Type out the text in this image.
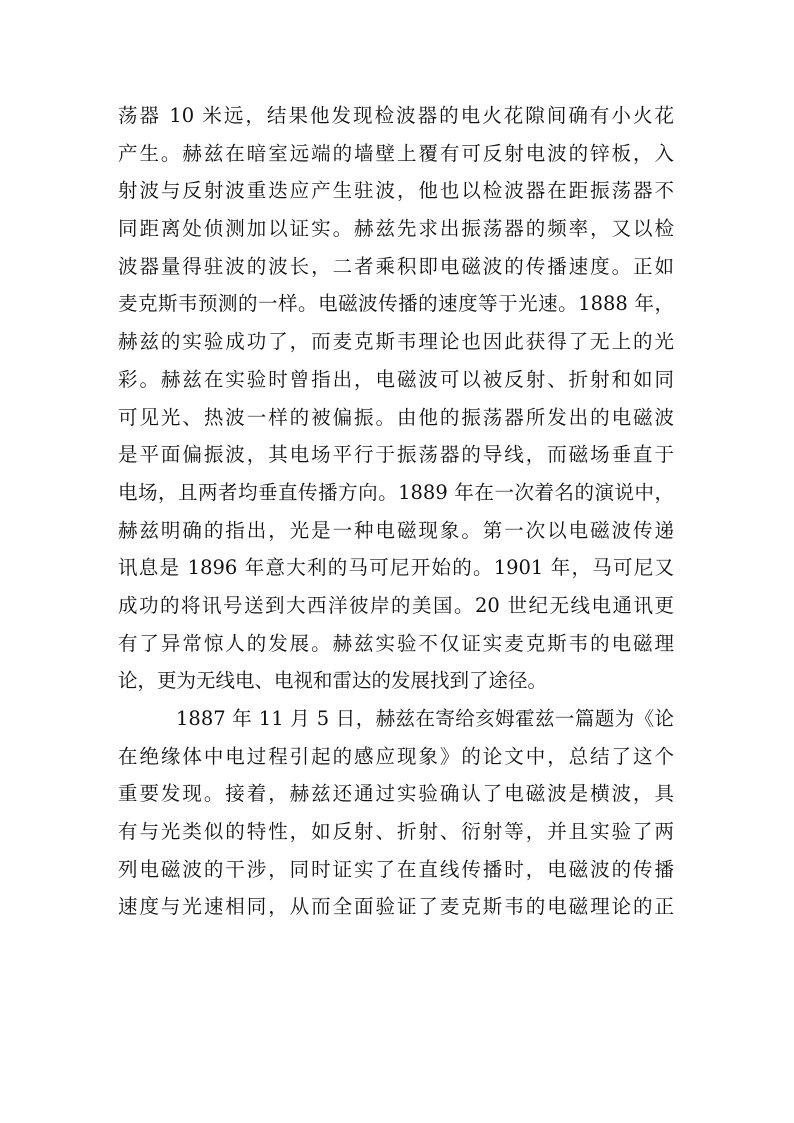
荡器 10 米远，结果他发现检波器的电火花隙间确有小火花
产生。赫兹在暗室远端的墙壁上覆有可反射电波的锌板，入
射波与反射波重迭应产生驻波，他也以检波器在距振荡器不
同距离处侦测加以证实。赫兹先求出振荡器的频率，又以检
波器量得驻波的波长，二者乘积即电磁波的传播速度。正如
麦克斯韦预测的一样。电磁波传播的速度等于光速。1888 年，
赫兹的实验成功了，而麦克斯韦理论也因此获得了无上的光
彩。赫兹在实验时曾指出，电磁波可以被反射、折射和如同
可见光、热波一样的被偏振。由他的振荡器所发出的电磁波
是平面偏振波，其电场平行于振荡器的导线，而磁场垂直于
电场，且两者均垂直传播方向。1889 年在一次着名的演说中，
赫兹明确的指出，光是一种电磁现象。第一次以电磁波传递
讯息是 1896 年意大利的马可尼开始的。1901 年，马可尼又
成功的将讯号送到大西洋彼岸的美国。20 世纪无线电通讯更
有了异常惊人的发展。赫兹实验不仅证实麦克斯韦的电磁理
论，更为无线电、电视和雷达的发展找到了途径。
1887 年 11 月 5 日，赫兹在寄给亥姆霍兹一篇题为《论
在绝缘体中电过程引起的感应现象》的论文中，总结了这个
重要发现。接着，赫兹还通过实验确认了电磁波是横波，具
有与光类似的特性，如反射、折射、衍射等，并且实验了两
列电磁波的干涉，同时证实了在直线传播时，电磁波的传播
速度与光速相同，从而全面验证了麦克斯韦的电磁理论的正
